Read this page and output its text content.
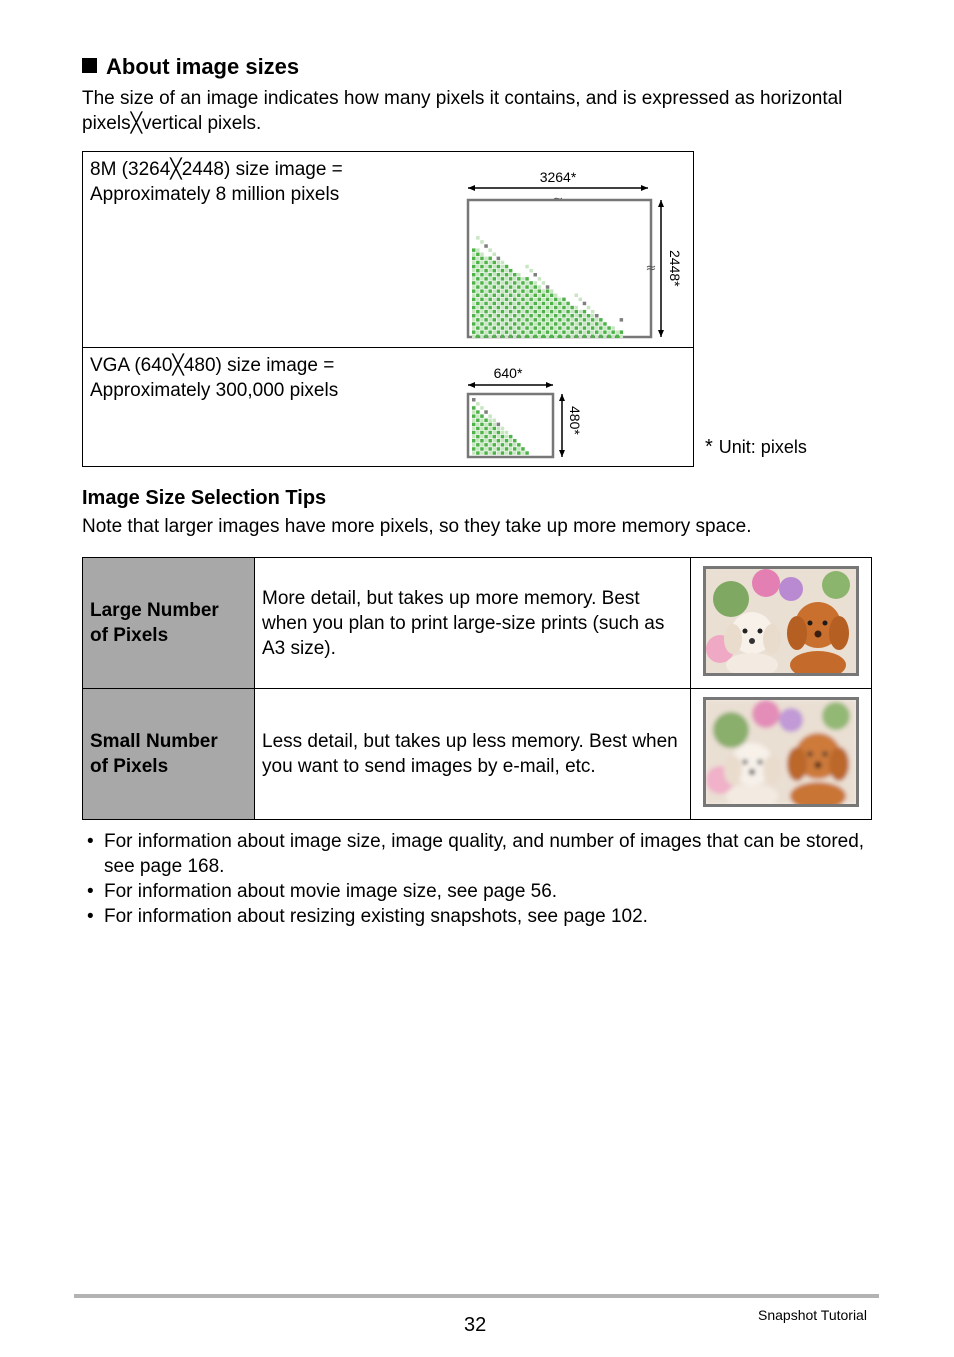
About image sizes
The size of an image indicates how many pixels it contains, and is expressed as horizontal pixels╳vertical pixels.
8M (3264╳2448) size image =
Approximately 8 million pixels
3264*
≈ 2448*
VGA (640╳480) size image =
Approximately 300,000 pixels
640*
480*
* Unit: pixels
Image Size Selection Tips
Note that larger images have more pixels, so they take up more memory space.
Large Number of Pixels	More detail, but takes up more memory. Best when you plan to print large-size prints (such as A3 size).	

Small Number of Pixels	Less detail, but takes up less memory. Best when you want to send images by e-mail, etc.	
• For information about image size, image quality, and number of images that can be stored, see page 168.
• For information about movie image size, see page 56.
• For information about resizing existing snapshots, see page 102.
32	Snapshot Tutorial
